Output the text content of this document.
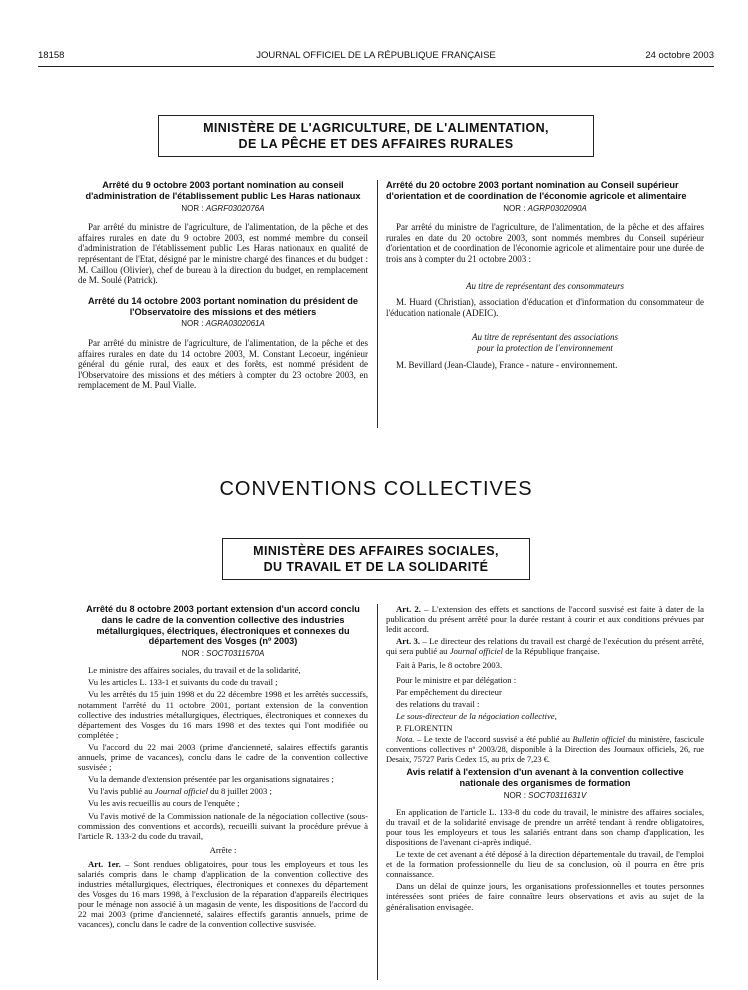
18158	JOURNAL OFFICIEL DE LA RÉPUBLIQUE FRANÇAISE	24 octobre 2003
MINISTÈRE DE L'AGRICULTURE, DE L'ALIMENTATION,
DE LA PÊCHE ET DES AFFAIRES RURALES
Arrêté du 9 octobre 2003 portant nomination au conseil d'administration de l'établissement public Les Haras nationaux
NOR : AGRF0302076A

Par arrêté du ministre de l'agriculture, de l'alimentation, de la pêche et des affaires rurales en date du 9 octobre 2003, est nommé membre du conseil d'administration de l'établissement public Les Haras nationaux en qualité de représentant de l'Etat, désigné par le ministre chargé des finances et du budget : M. Caillou (Olivier), chef de bureau à la direction du budget, en remplacement de M. Soulé (Patrick).

Arrêté du 14 octobre 2003 portant nomination du président de l'Observatoire des missions et des métiers
NOR : AGRA0302061A

Par arrêté du ministre de l'agriculture, de l'alimentation, de la pêche et des affaires rurales en date du 14 octobre 2003, M. Constant Lecoeur, ingénieur général du génie rural, des eaux et des forêts, est nommé président de l'Observatoire des missions et des métiers à compter du 23 octobre 2003, en remplacement de M. Paul Vialle.

Arrêté du 20 octobre 2003 portant nomination au Conseil supérieur d'orientation et de coordination de l'économie agricole et alimentaire
NOR : AGRP0302090A

Par arrêté du ministre de l'agriculture, de l'alimentation, de la pêche et des affaires rurales en date du 20 octobre 2003, sont nommés membres du Conseil supérieur d'orientation et de coordination de l'économie agricole et alimentaire pour une durée de trois ans à compter du 21 octobre 2003 :

Au titre de représentant des consommateurs

M. Huard (Christian), association d'éducation et d'information du consommateur de l'éducation nationale (ADEIC).

Au titre de représentant des associations
pour la protection de l'environnement

M. Bevillard (Jean-Claude), France - nature - environnement.

CONVENTIONS COLLECTIVES
MINISTÈRE DES AFFAIRES SOCIALES,
DU TRAVAIL ET DE LA SOLIDARITÉ
Arrêté du 8 octobre 2003 portant extension d'un accord conclu dans le cadre de la convention collective des industries métallurgiques, électriques, électroniques et connexes du département des Vosges (nº 2003)
NOR : SOCT0311570A

Le ministre des affaires sociales, du travail et de la solidarité,

Vu les articles L. 133-1 et suivants du code du travail ;

Vu les arrêtés du 15 juin 1998 et du 22 décembre 1998 et les arrêtés successifs, notamment l'arrêté du 11 octobre 2001, portant extension de la convention collective des industries métallurgiques, électriques, électroniques et connexes du département des Vosges du 16 mars 1998 et des textes qui l'ont modifiée ou complétée ;

Vu l'accord du 22 mai 2003 (prime d'ancienneté, salaires effectifs garantis annuels, prime de vacances), conclu dans le cadre de la convention collective susvisée ;

Vu la demande d'extension présentée par les organisations signataires ;

Vu l'avis publié au Journal officiel du 8 juillet 2003 ;

Vu les avis recueillis au cours de l'enquête ;

Vu l'avis motivé de la Commission nationale de la négociation collective (sous-commission des conventions et accords), recueilli suivant la procédure prévue à l'article R. 133-2 du code du travail,

Arrête :

Art. 1er. – Sont rendues obligatoires, pour tous les employeurs et tous les salariés compris dans le champ d'application de la convention collective des industries métallurgiques, électriques, électroniques et connexes du département des Vosges du 16 mars 1998, à l'exclusion de la réparation d'appareils électriques pour le ménage non associé à un magasin de vente, les dispositions de l'accord du 22 mai 2003 (prime d'ancienneté, salaires effectifs garantis annuels, prime de vacances), conclu dans le cadre de la convention collective susvisée.

Art. 2. – L'extension des effets et sanctions de l'accord susvisé est faite à dater de la publication du présent arrêté pour la durée restant à courir et aux conditions prévues par ledit accord.

Art. 3. – Le directeur des relations du travail est chargé de l'exécution du présent arrêté, qui sera publié au Journal officiel de la République française.

Fait à Paris, le 8 octobre 2003.

Pour le ministre et par délégation :

Par empêchement du directeur

des relations du travail :

Le sous-directeur de la négociation collective,

P. FLORENTIN

Nota. – Le texte de l'accord susvisé a été publié au Bulletin officiel du ministère, fascicule conventions collectives nº 2003/28, disponible à la Direction des Journaux officiels, 26, rue Desaix, 75727 Paris Cedex 15, au prix de 7,23 €.

Avis relatif à l'extension d'un avenant à la convention collective nationale des organismes de formation
NOR : SOCT0311631V

En application de l'article L. 133-8 du code du travail, le ministre des affaires sociales, du travail et de la solidarité envisage de prendre un arrêté tendant à rendre obligatoires, pour tous les employeurs et tous les salariés entrant dans son champ d'application, les dispositions de l'avenant ci-après indiqué.

Le texte de cet avenant a été déposé à la direction départementale du travail, de l'emploi et de la formation professionnelle du lieu de sa conclusion, où il pourra en être pris connaissance.

Dans un délai de quinze jours, les organisations professionnelles et toutes personnes intéressées sont priées de faire connaître leurs observations et avis au sujet de la généralisation envisagée.
